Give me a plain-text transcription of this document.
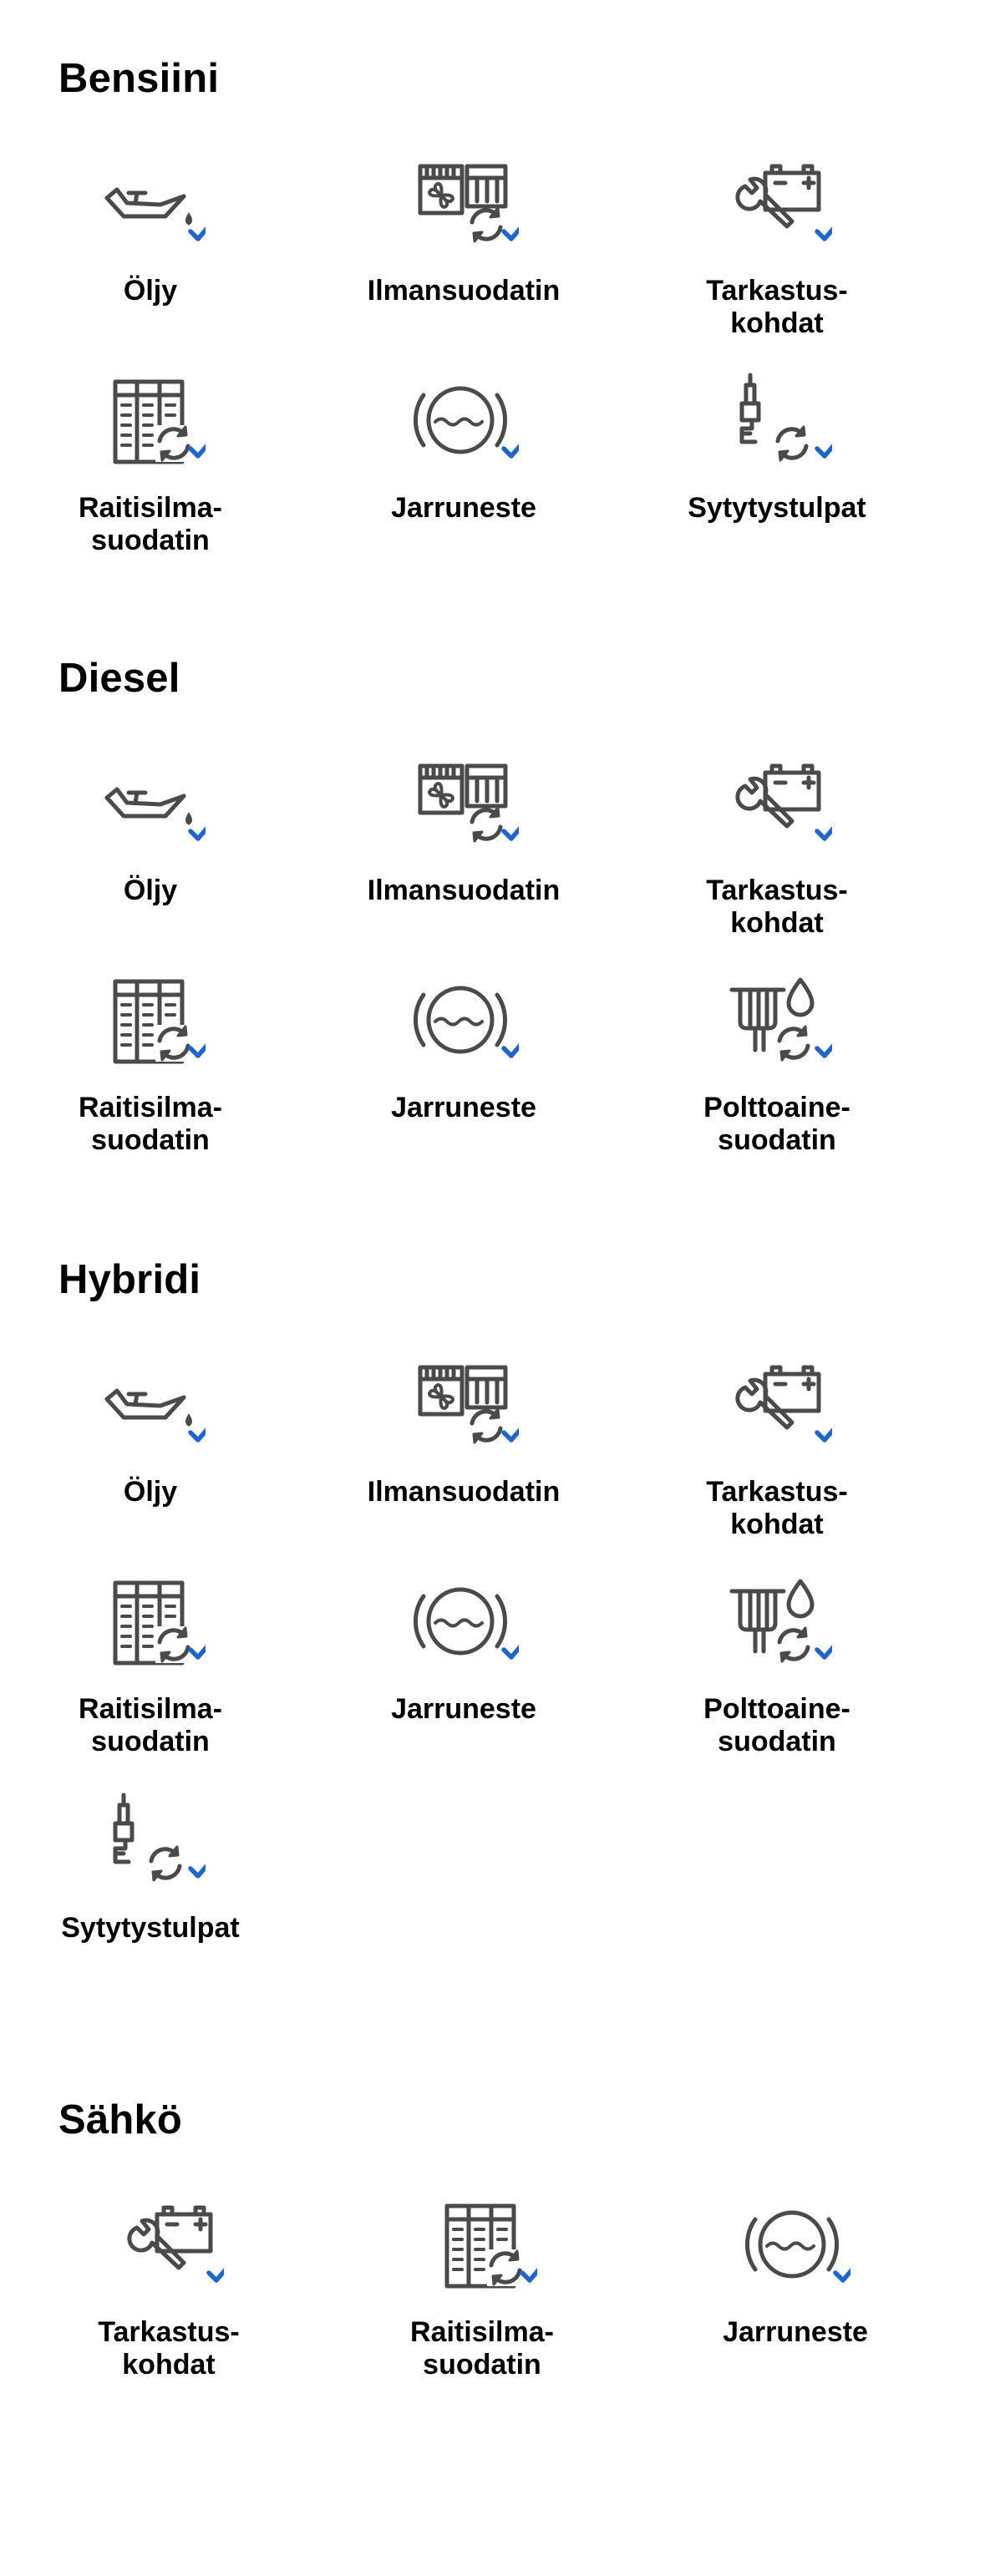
Bensiini
Öljy	Ilmansuodatin	Tarkastus-
kohdat
Raitisilma-
suodatin
Jarruneste	Sytytystulpat
Diesel
Öljy	Ilmansuodatin	Tarkastus-
kohdat
Raitisilma-
suodatin
Jarruneste	Polttoaine-
suodatin
Hybridi
Öljy	Ilmansuodatin	Tarkastus-
kohdat
Raitisilma-
suodatin
Jarruneste	Polttoaine-
suodatin
Sytytystulpat
Sähkö
Tarkastus-
kohdat
Raitisilma-
suodatin
Jarruneste
